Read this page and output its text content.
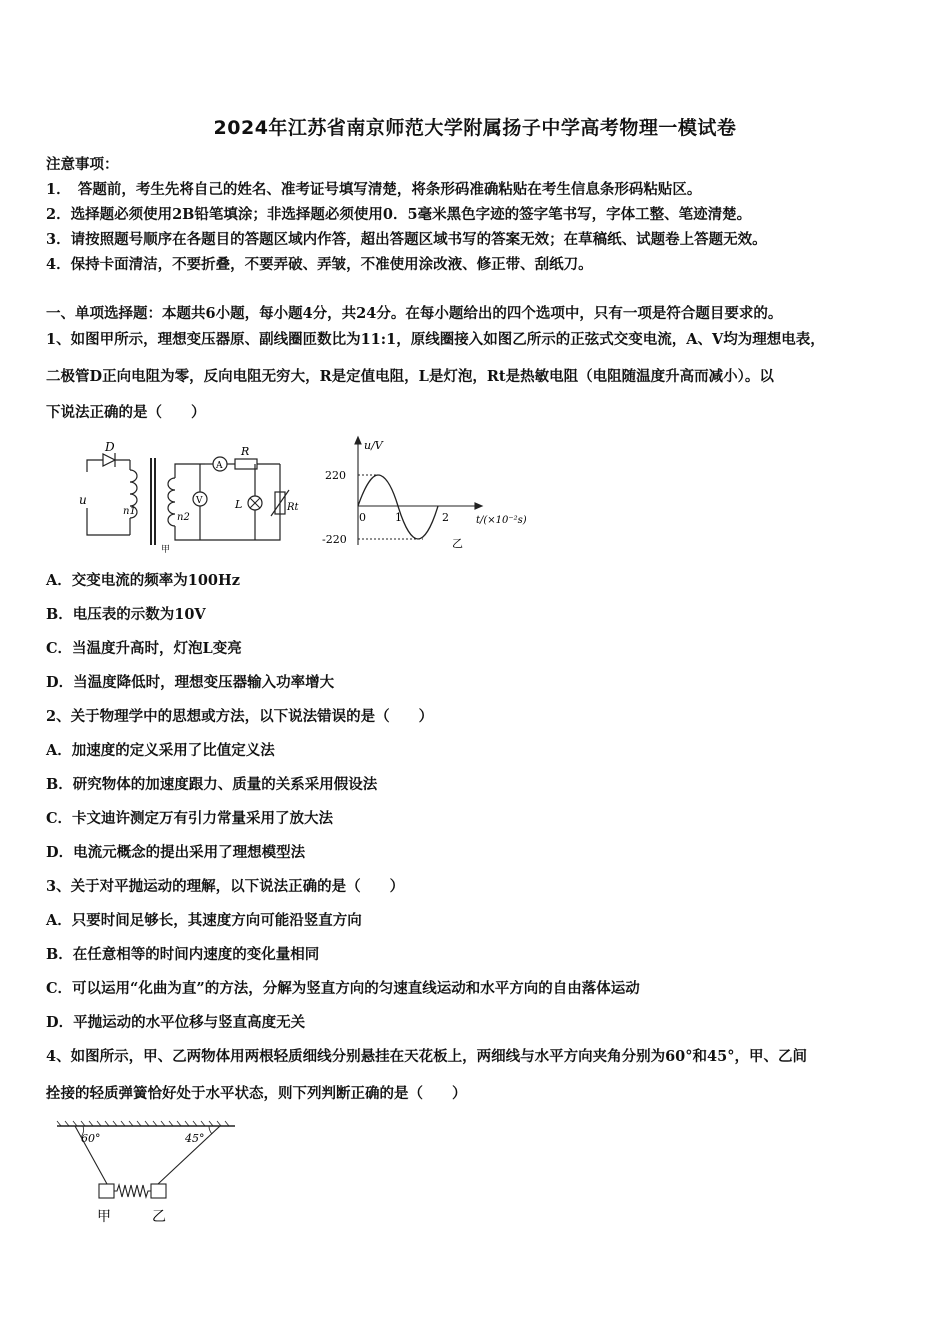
2024年江苏省南京师范大学附属扬子中学高考物理一模试卷
注意事项：
1．　答题前，考生先将自己的姓名、准考证号填写清楚，将条形码准确粘贴在考生信息条形码粘贴区。
2．选择题必须使用2B铅笔填涂；非选择题必须使用0．5毫米黑色字迹的签字笔书写，字体工整、笔迹清楚。
3．请按照题号顺序在各题目的答题区域内作答，超出答题区域书写的答案无效；在草稿纸、试题卷上答题无效。
4．保持卡面清洁，不要折叠，不要弄破、弄皱，不准使用涂改液、修正带、刮纸刀。
一、单项选择题：本题共6小题，每小题4分，共24分。在每小题给出的四个选项中，只有一项是符合题目要求的。
1、如图甲所示，理想变压器原、副线圈匝数比为11:1，原线圈接入如图乙所示的正弦式交变电流，A、V均为理想电表，
二极管D正向电阻为零，反向电阻无穷大，R是定值电阻，L是灯泡，Rt是热敏电阻（电阻随温度升高而减小）。以
下说法正确的是（　　）
D
u
n1
n2
A
V
R
L	Rt
甲
u/V
220
-220
0	1	2	t/(×10⁻²s)
乙
A．交变电流的频率为100Hz
B．电压表的示数为10V
C．当温度升高时，灯泡L变亮
D．当温度降低时，理想变压器输入功率增大
2、关于物理学中的思想或方法，以下说法错误的是（　　）
A．加速度的定义采用了比值定义法
B．研究物体的加速度跟力、质量的关系采用假设法
C．卡文迪许测定万有引力常量采用了放大法
D．电流元概念的提出采用了理想模型法
3、关于对平抛运动的理解，以下说法正确的是（　　）
A．只要时间足够长，其速度方向可能沿竖直方向
B．在任意相等的时间内速度的变化量相同
C．可以运用“化曲为直”的方法，分解为竖直方向的匀速直线运动和水平方向的自由落体运动
D．平抛运动的水平位移与竖直高度无关
4、如图所示，甲、乙两物体用两根轻质细线分别悬挂在天花板上，两细线与水平方向夹角分别为60°和45°，甲、乙间
拴接的轻质弹簧恰好处于水平状态，则下列判断正确的是（　　）
60°	45°
甲	乙
